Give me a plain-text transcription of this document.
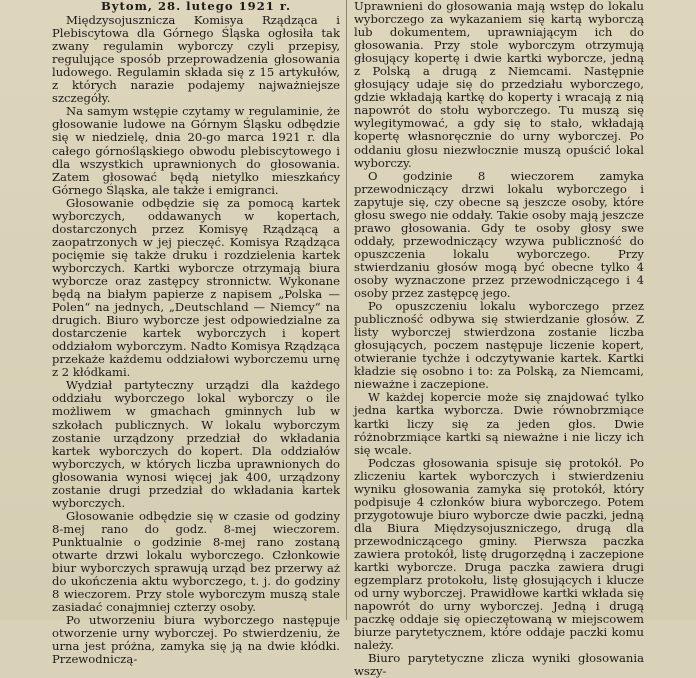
Bytom, 28. lutego 1921 r.

Międzysojusznicza Komisya Rządząca i Plebiscytowa dla Górnego Śląska ogłosiła tak zwany regulamin wyborczy czyli przepisy, regulujące sposób przeprowadzenia głosowania ludowego. Regulamin składa się z 15 artykułów, z których narazie podajemy najważniejsze szczegóły.

Na samym wstępie czytamy w regulaminie, że głosowanie ludowe na Górnym Śląsku odbędzie się w niedzielę, dnia 20-go marca 1921 r. dla całego górnośląskiego obwodu plebiscytowego i dla wszystkich uprawnionych do głosowania. Zatem głosować będą nietylko mieszkańcy Górnego Śląska, ale także i emigranci.

Głosowanie odbędzie się za pomocą kartek wyborczych, oddawanych w kopertach, dostarczonych przez Komisyę Rządzącą a zaopatrzonych w jej pieczęć. Komisya Rządząca pocięmie się także druku i rozdzielenia kartek wyborczych. Kartki wyborcze otrzymają biura wyborcze oraz zastępcy stronnictw. Wykonane będą na białym papierze z napisem „Polska — Polen“ na jednych, „Deutschland — Niemcy“ na drugich. Biuro wyborcze jest odpowiedzialne za dostarczenie kartek wyborczych i kopert oddziałom wyborczym. Nadto Komisya Rządząca przekaże każdemu oddziałowi wyborczemu urnę z 2 kłódkami.

Wydział partyteczny urządzi dla każdego oddziału wyborczego lokal wyborczy o ile możliwem w gmachach gminnych lub w szkołach publicznych. W lokalu wyborczym zostanie urządzony przedział do wkładania kartek wyborczych do kopert. Dla oddziałów wyborczych, w których liczba uprawnionych do głosowania wynosi więcej jak 400, urządzony zostanie drugi przedział do wkładania kartek wyborczych.

Głosowanie odbędzie się w czasie od godziny 8-mej rano do godz. 8-mej wieczorem. Punktualnie o godzinie 8-mej rano zostaną otwarte drzwi lokalu wyborczego. Członkowie biur wyborczych sprawują urząd bez przerwy aż do ukończenia aktu wyborczego, t. j. do godziny 8 wieczorem. Przy stole wyborczym muszą stale zasiadać conajmniej czterzy osoby.

Po utworzeniu biura wyborczego następuje otworzenie urny wyborczej. Po stwierdzeniu, że urna jest próżna, zamyka się ją na dwie kłódki. Przewodniczą-

Uprawnieni do głosowania mają wstęp do lokalu wyborczego za wykazaniem się kartą wyborczą lub dokumentem, uprawniającym ich do głosowania. Przy stole wyborczym otrzymują głosujący kopertę i dwie kartki wyborcze, jedną z Polską a drugą z Niemcami. Następnie głosujący udaje się do przedziału wyborczego, gdzie wkładają kartkę do koperty i wracają z nią napowrót do stołu wyborczego. Tu muszą się wylegitymować, a gdy się to stało, wkładają kopertę własnoręcznie do urny wyborczej. Po oddaniu głosu niezwłocznie muszą opuścić lokal wyborczy.

O godzinie 8 wieczorem zamyka przewodniczący drzwi lokalu wyborczego i zapytuje się, czy obecne są jeszcze osoby, które głosu swego nie oddały. Takie osoby mają jeszcze prawo głosowania. Gdy te osoby głosy swe oddały, przewodniczący wzywa publiczność do opuszczenia lokalu wyborczego. Przy stwierdzaniu głosów mogą być obecne tylko 4 osoby wyznaczone przez przewodniczącego i 4 osoby przez zastępcę jego.

Po opuszczeniu lokalu wyborczego przez publiczność odbywa się stwierdzanie głosów. Z listy wyborczej stwierdzona zostanie liczba głosujących, poczem następuje liczenie kopert, otwieranie tychże i odczytywanie kartek. Kartki kładzie się osobno i to: za Polską, za Niemcami, nieważne i zaczepione.

W każdej kopercie może się znajdować tylko jedna kartka wyborcza. Dwie równobrzmiące kartki liczy się za jeden głos. Dwie różnobrzmiące kartki są nieważne i nie liczy ich się wcale.

Podczas głosowania spisuje się protokół. Po zliczeniu kartek wyborczych i stwierdzeniu wyniku głosowania zamyka się protokół, który podpisuje 4 członków biura wyborczego. Potem przygotowuje biuro wyborcze dwie paczki, jedną dla Biura Międzysojuszniczego, drugą dla przewodniczącego gminy. Pierwsza paczka zawiera protokół, listę drugorzędną i zaczepione kartki wyborcze. Druga paczka zawiera drugi egzemplarz protokołu, listę głosujących i klucze od urny wyborczej. Prawidłowe kartki wkłada się napowrót do urny wyborczej. Jedną i drugą paczkę oddaje się opieczętowaną w miejscowem biurze parytetycznem, które oddaje paczki komu należy.

Biuro parytetyczne zlicza wyniki głosowania wszy-
